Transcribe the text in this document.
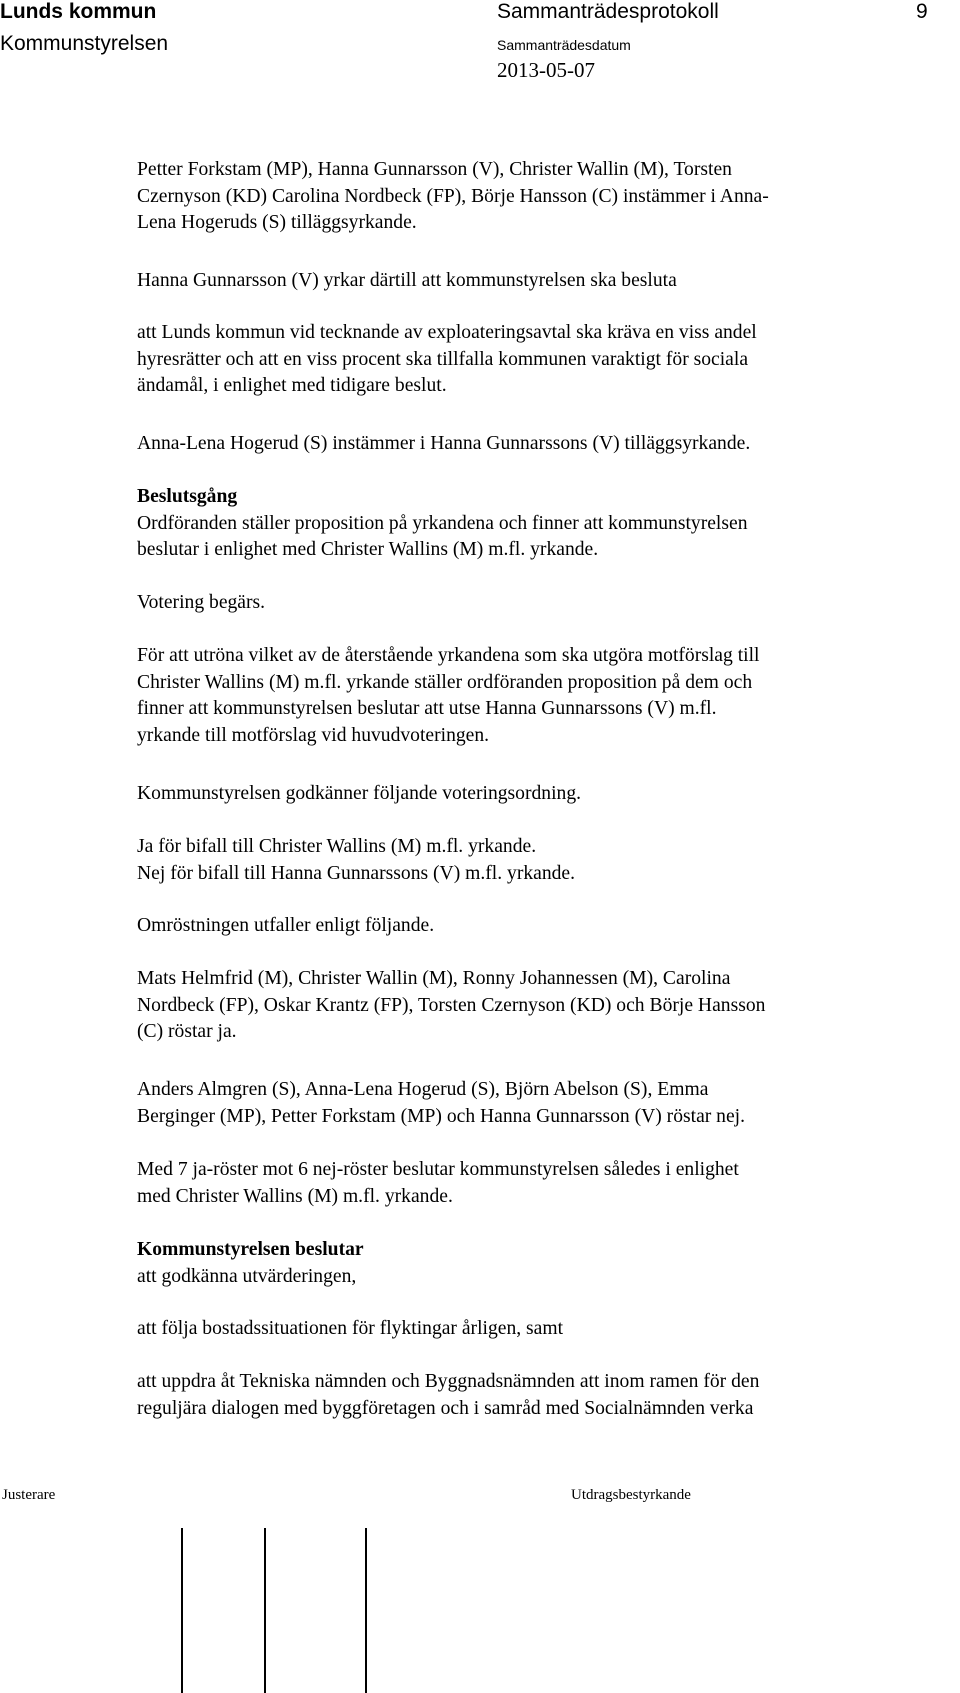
Lunds kommun
Kommunstyrelsen
Sammanträdesprotokoll	9
Sammanträdesdatum
2013-05-07
Petter Forkstam (MP), Hanna Gunnarsson (V), Christer Wallin (M), Torsten
Czernyson (KD) Carolina Nordbeck (FP), Börje Hansson (C) instämmer i Anna-
Lena Hogeruds (S) tilläggsyrkande.
Hanna Gunnarsson (V) yrkar därtill att kommunstyrelsen ska besluta
att Lunds kommun vid tecknande av exploateringsavtal ska kräva en viss andel
hyresrätter och att en viss procent ska tillfalla kommunen varaktigt för sociala
ändamål, i enlighet med tidigare beslut.
Anna-Lena Hogerud (S) instämmer i Hanna Gunnarssons (V) tilläggsyrkande.
Beslutsgång
Ordföranden ställer proposition på yrkandena och finner att kommunstyrelsen
beslutar i enlighet med Christer Wallins (M) m.fl. yrkande.
Votering begärs.
För att utröna vilket av de återstående yrkandena som ska utgöra motförslag till
Christer Wallins (M) m.fl. yrkande ställer ordföranden proposition på dem och
finner att kommunstyrelsen beslutar att utse Hanna Gunnarssons (V) m.fl.
yrkande till motförslag vid huvudvoteringen.
Kommunstyrelsen godkänner följande voteringsordning.
Ja för bifall till Christer Wallins (M) m.fl. yrkande.
Nej för bifall till Hanna Gunnarssons (V) m.fl. yrkande.
Omröstningen utfaller enligt följande.
Mats Helmfrid (M), Christer Wallin (M), Ronny Johannessen (M), Carolina
Nordbeck (FP), Oskar Krantz (FP), Torsten Czernyson (KD) och Börje Hansson
(C) röstar ja.
Anders Almgren (S), Anna-Lena Hogerud (S), Björn Abelson (S), Emma
Berginger (MP), Petter Forkstam (MP) och Hanna Gunnarsson (V) röstar nej.
Med 7 ja-röster mot 6 nej-röster beslutar kommunstyrelsen således i enlighet
med Christer Wallins (M) m.fl. yrkande.
Kommunstyrelsen beslutar
att godkänna utvärderingen,
att följa bostadssituationen för flyktingar årligen, samt
att uppdra åt Tekniska nämnden och Byggnadsnämnden att inom ramen för den
reguljära dialogen med byggföretagen och i samråd med Socialnämnden verka
Justerare	Utdragsbestyrkande
